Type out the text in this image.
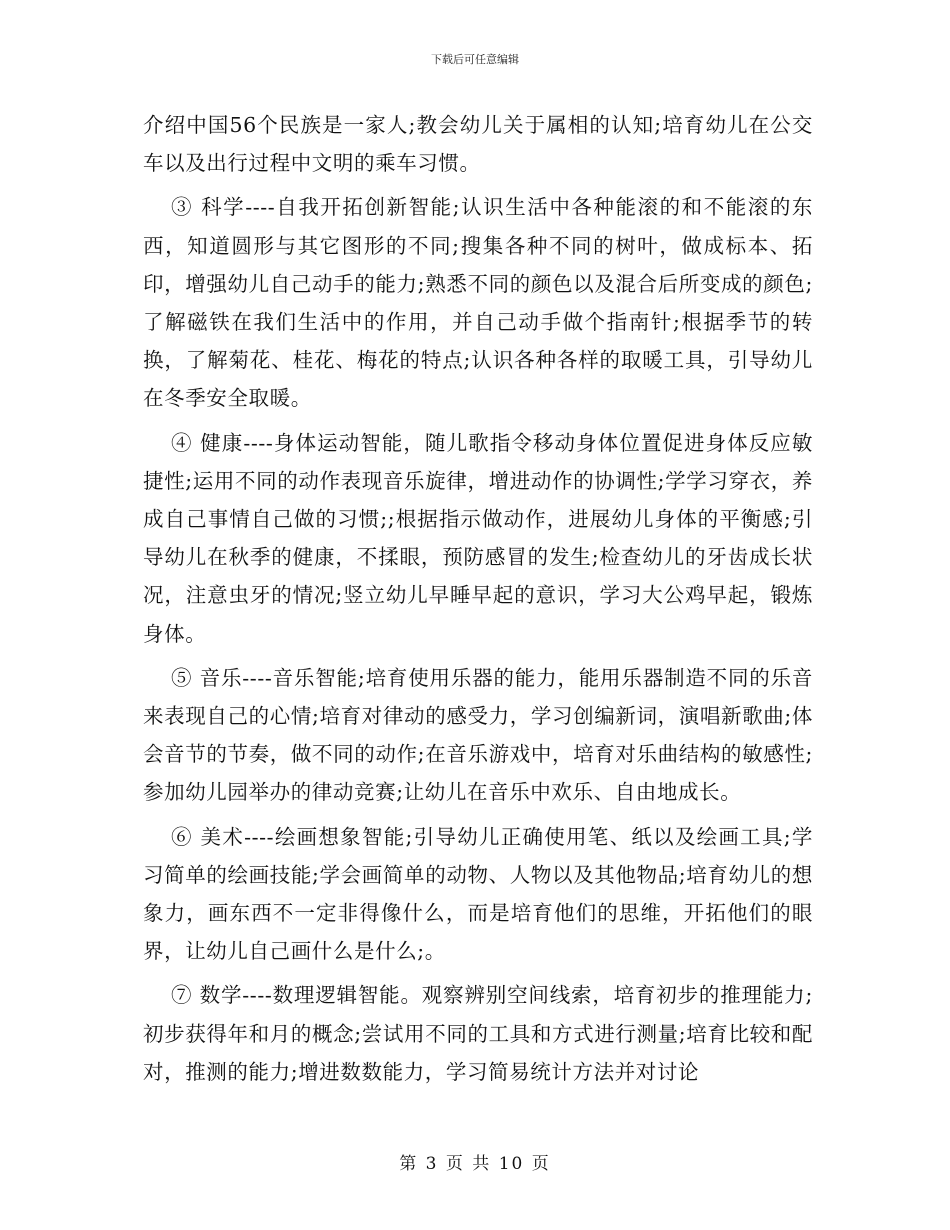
下载后可任意编辑

介绍中国56个民族是一家人;教会幼儿关于属相的认知;培育幼儿在公交车以及出行过程中文明的乘车习惯。

③ 科学----自我开拓创新智能;认识生活中各种能滚的和不能滚的东西，知道圆形与其它图形的不同;搜集各种不同的树叶，做成标本、拓印，增强幼儿自己动手的能力;熟悉不同的颜色以及混合后所变成的颜色;了解磁铁在我们生活中的作用，并自己动手做个指南针;根据季节的转换，了解菊花、桂花、梅花的特点;认识各种各样的取暖工具，引导幼儿在冬季安全取暖。

④ 健康----身体运动智能，随儿歌指令移动身体位置促进身体反应敏捷性;运用不同的动作表现音乐旋律，增进动作的协调性;学学习穿衣，养成自己事情自己做的习惯;;根据指示做动作，进展幼儿身体的平衡感;引导幼儿在秋季的健康，不揉眼，预防感冒的发生;检查幼儿的牙齿成长状况，注意虫牙的情况;竖立幼儿早睡早起的意识，学习大公鸡早起，锻炼身体。

⑤ 音乐----音乐智能;培育使用乐器的能力，能用乐器制造不同的乐音来表现自己的心情;培育对律动的感受力，学习创编新词，演唱新歌曲;体会音节的节奏，做不同的动作;在音乐游戏中，培育对乐曲结构的敏感性;参加幼儿园举办的律动竞赛;让幼儿在音乐中欢乐、自由地成长。

⑥ 美术----绘画想象智能;引导幼儿正确使用笔、纸以及绘画工具;学习简单的绘画技能;学会画简单的动物、人物以及其他物品;培育幼儿的想象力，画东西不一定非得像什么，而是培育他们的思维，开拓他们的眼界，让幼儿自己画什么是什么;。

⑦ 数学----数理逻辑智能。观察辨别空间线索，培育初步的推理能力;初步获得年和月的概念;尝试用不同的工具和方式进行测量;培育比较和配对，推测的能力;增进数数能力，学习简易统计方法并对讨论

第 3 页 共 10 页
